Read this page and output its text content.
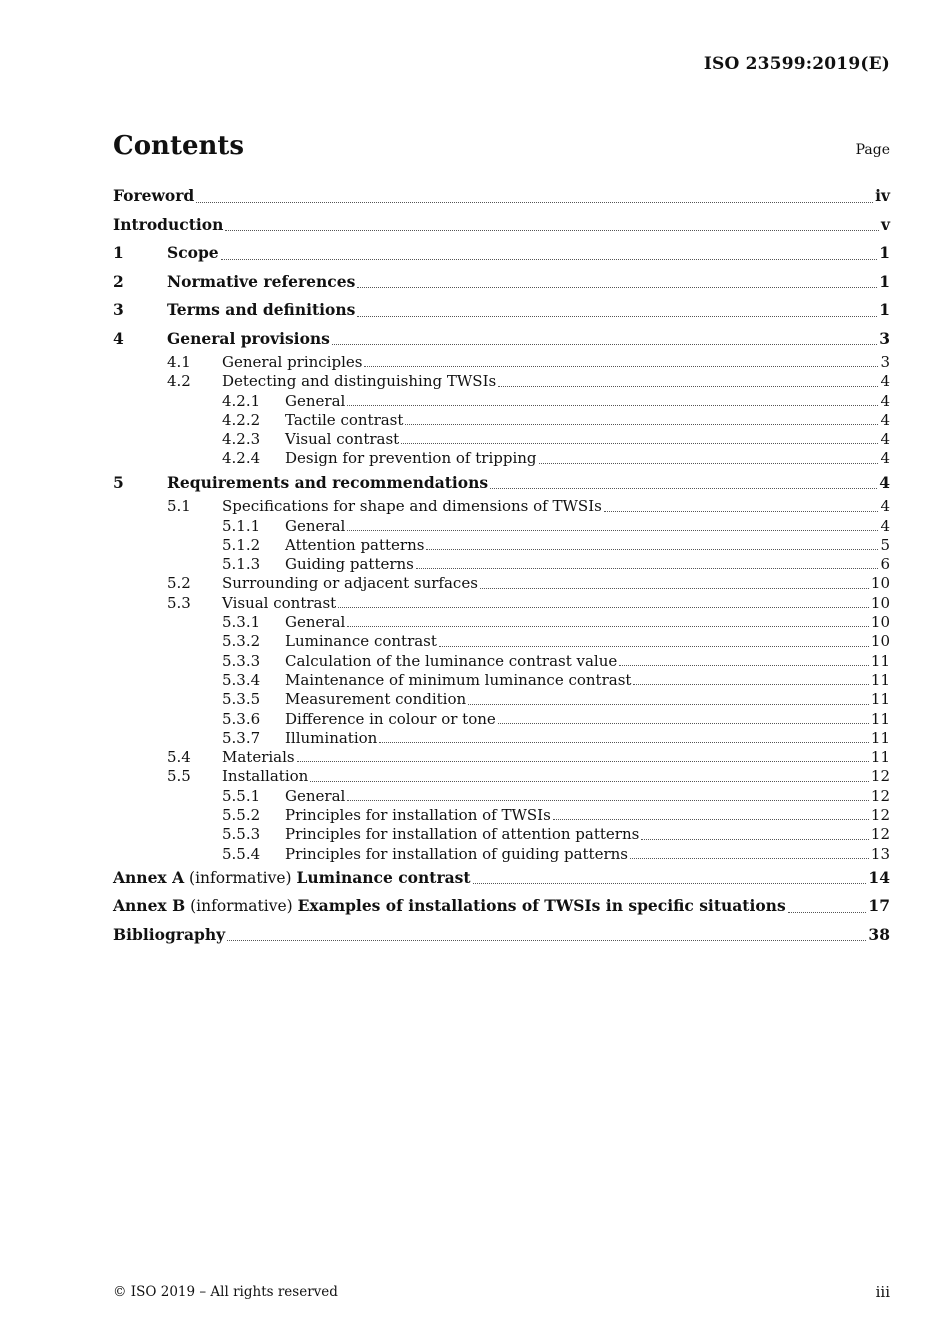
ISO 23599:2019(E)
Contents	Page
Foreword	iv
Introduction	v
1	Scope	1
2	Normative references	1
3	Terms and definitions	1
4	General provisions	3
4.1	General principles	3
4.2	Detecting and distinguishing TWSIs	4
4.2.1	General	4
4.2.2	Tactile contrast	4
4.2.3	Visual contrast	4
4.2.4	Design for prevention of tripping	4
5	Requirements and recommendations	4
5.1	Specifications for shape and dimensions of TWSIs	4
5.1.1	General	4
5.1.2	Attention patterns	5
5.1.3	Guiding patterns	6
5.2	Surrounding or adjacent surfaces	10
5.3	Visual contrast	10
5.3.1	General	10
5.3.2	Luminance contrast	10
5.3.3	Calculation of the luminance contrast value	11
5.3.4	Maintenance of minimum luminance contrast	11
5.3.5	Measurement condition	11
5.3.6	Difference in colour or tone	11
5.3.7	Illumination	11
5.4	Materials	11
5.5	Installation	12
5.5.1	General	12
5.5.2	Principles for installation of TWSIs	12
5.5.3	Principles for installation of attention patterns	12
5.5.4	Principles for installation of guiding patterns	13
Annex A (informative) Luminance contrast	14
Annex B (informative) Examples of installations of TWSIs in specific situations	17
Bibliography	38
© ISO 2019 – All rights reserved	iii
